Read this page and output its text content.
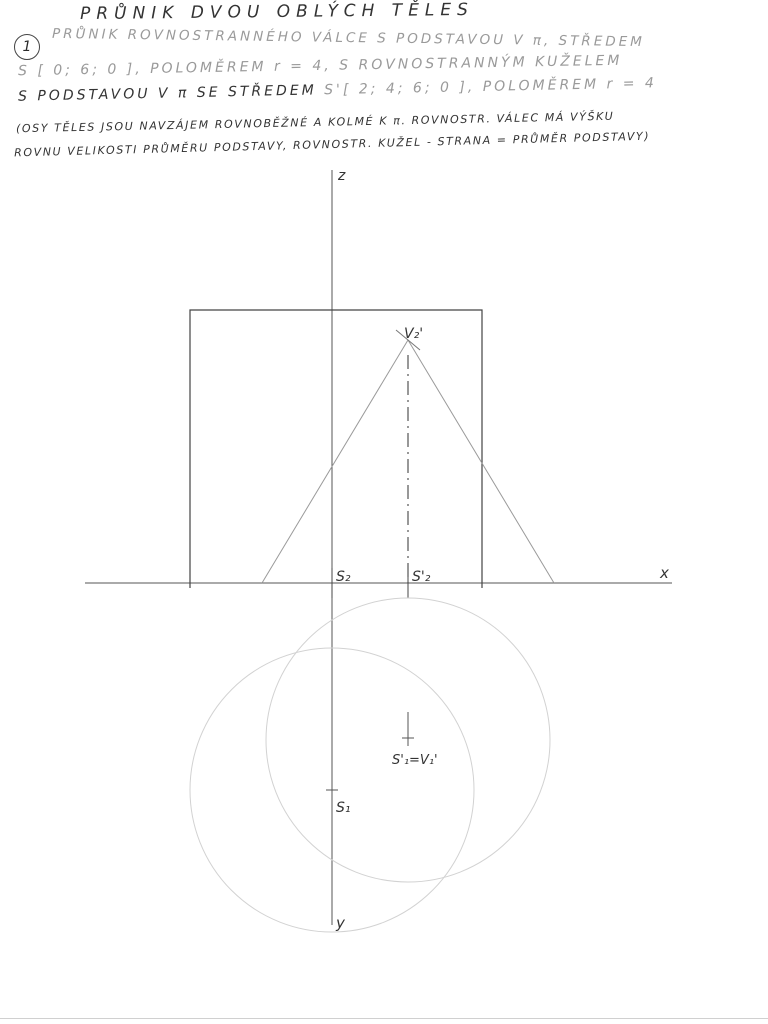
1
PRŮNIK DVOU OBLÝCH TĚLES
PRŮNIK ROVNOSTRANNÉHO VÁLCE S PODSTAVOU V π, STŘEDEM
S [ 0; 6; 0 ], POLOMĚREM r = 4, S ROVNOSTRANNÝM KUŽELEM
S PODSTAVOU V π SE STŘEDEM S'[ 2; 4; 6; 0 ], POLOMĚREM r = 4
(OSY TĚLES JSOU NAVZÁJEM ROVNOBĚŽNÉ A KOLMÉ K π. ROVNOSTR. VÁLEC MÁ VÝŠKU
ROVNU VELIKOSTI PRŮMĚRU PODSTAVY, ROVNOSTR. KUŽEL - STRANA = PRŮMĚR PODSTAVY)
z
x
y
S₂	S'₂
V₂'
S'₁=V₁'
S₁
